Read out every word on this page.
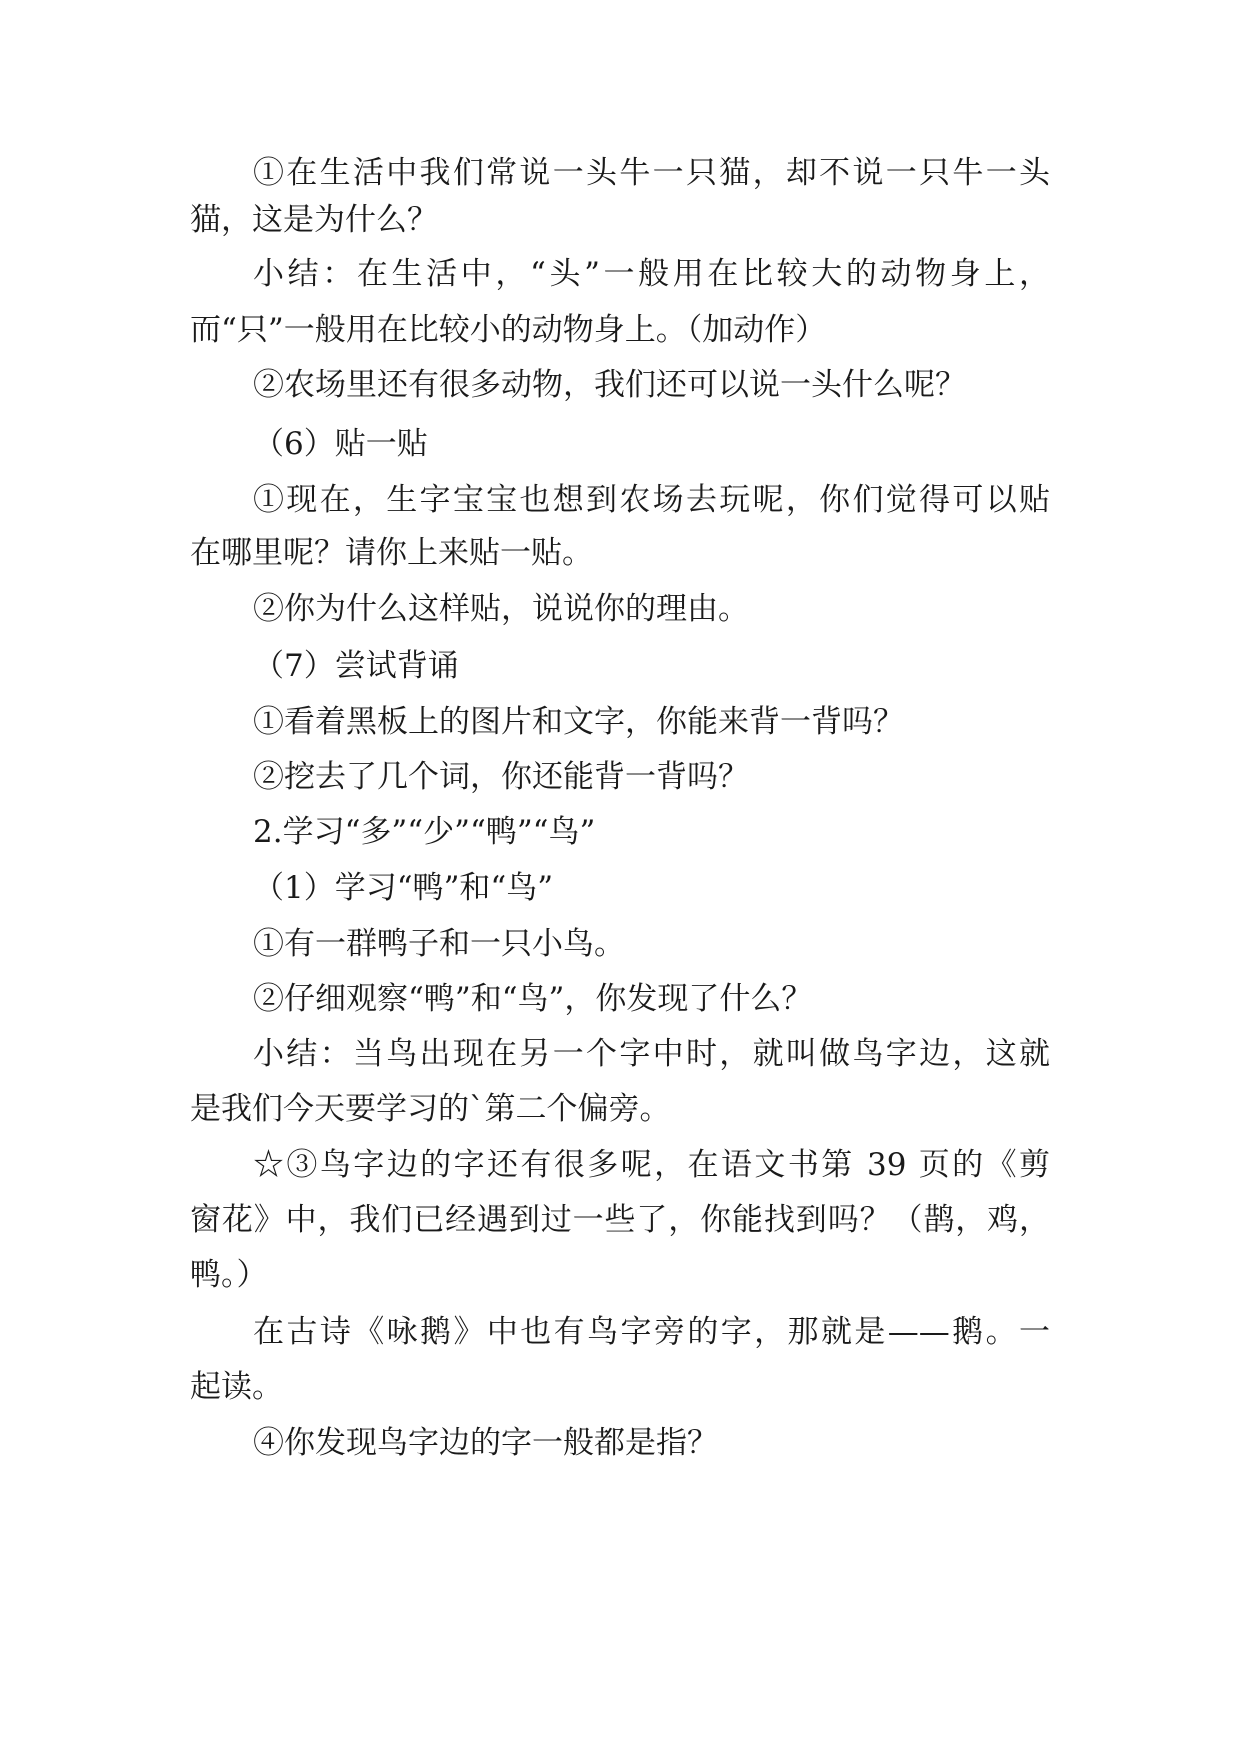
①在生活中我们常说一头牛一只猫，却不说一只牛一头
猫，这是为什么？
小结：在生活中，“头”一般用在比较大的动物身上，
而“只”一般用在比较小的动物身上。（加动作）
②农场里还有很多动物，我们还可以说一头什么呢？
（6）贴一贴
①现在，生字宝宝也想到农场去玩呢，你们觉得可以贴
在哪里呢？请你上来贴一贴。
②你为什么这样贴，说说你的理由。
（7）尝试背诵
①看着黑板上的图片和文字，你能来背一背吗？
②挖去了几个词，你还能背一背吗？
2.学习“多”“少”“鸭”“鸟”
（1）学习“鸭”和“鸟”
①有一群鸭子和一只小鸟。
②仔细观察“鸭”和“鸟”，你发现了什么？
小结：当鸟出现在另一个字中时，就叫做鸟字边，这就
是我们今天要学习的`第二个偏旁。
☆③鸟字边的字还有很多呢，在语文书第 39 页的《剪
窗花》中，我们已经遇到过一些了，你能找到吗？（鹊，鸡，
鸭。）
在古诗《咏鹅》中也有鸟字旁的字，那就是——鹅。一
起读。
④你发现鸟字边的字一般都是指？
